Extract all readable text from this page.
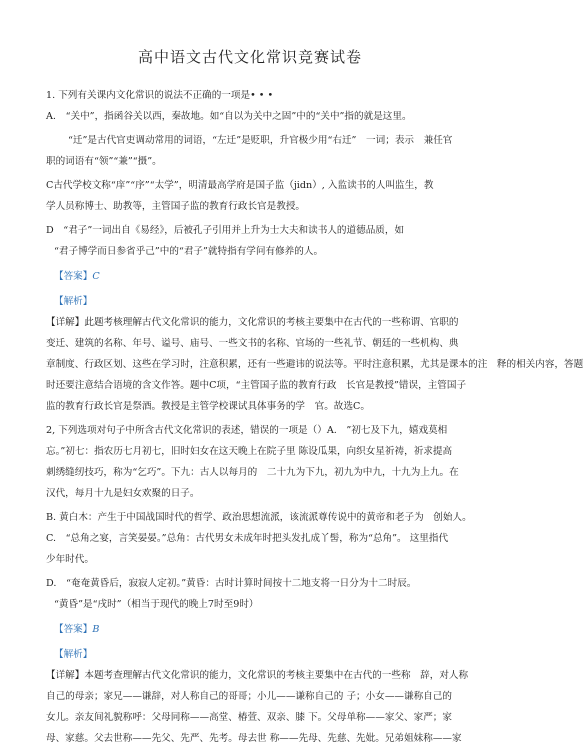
高中语文古代文化常识竞赛试卷

1. 下列有关课内文化常识的说法不正确的一项是• • •

A.　“关中”，指函谷关以西，秦故地。如“自以为关中之固”中的“关中”指的就是这里。

“迁”是古代官吏调动常用的词语，“左迁”是贬职，升官极少用“右迁”　一词；表示　兼任官

职的词语有“领”“兼”“摄”。

C古代学校文称“庠”“序”“太学”，明清最高学府是国子监（jidn）, 入监读书的人叫监生，教

学人员称博士、助教等，主管国子监的教育行政长官是教授。

D　“君子”一词出自《易经》，后被孔子引用并上升为士大夫和读书人的道德品质，如

“君子博学而日参省乎己”中的“君子”就特指有学问有修养的人。

【答案】C

【解析】

【详解】此题考核理解古代文化常识的能力，文化常识的考核主要集中在古代的一些称谓、官职的

变迁、建筑的名称、年号、谥号、庙号、一些文书的名称、官场的一些礼节、朝廷的一些机构、典

章制度、行政区划、这些在学习时，注意积累，还有一些避讳的说法等。平时注意积累，尤其是课本的注　释的相关内容，答题

时还要注意结合语境的含文作答。题中C项，“主管国子监的教育行政　长官是教授”错误，主管国子

监的教育行政长官是祭酒。教授是主管学校课试具体事务的学　官。故选C。

2, 下列选项对句子中所含古代文化常识的表述，错误的一项是（）A.　”初七及下九，嬉戏莫相

忘。”初七：指农历七月初七，旧时妇女在这天晚上在院子里 陈设瓜果，向织女星祈祷，祈求提高

刺绣缝纫技巧，称为“乞巧”。下九：古人以每月的　二十九为下九，初九为中九，十九为上九。在

汉代，每月十九是妇女欢聚的日子。

B. 黄白木：产生于中国战国时代的哲学、政治思想流派，该流派尊传说中的黄帝和老子为　创始人。

C.　“总角之宴，言笑晏晏。”总角：古代男女未成年时把头发扎成丫髻，称为“总角”。 这里指代

少年时代。

D.　“奄奄黄昏后，寂寂人定初。”黄昏：古时计算时间按十二地支将一日分为十二时辰。

“黄昏”是“戌时”（相当于现代的晚上7时至9时）

【答案】B

【解析】

【详解】本题考查理解古代文化常识的能力，文化常识的考核主要集中在古代的一些称　辞，对人称

自己的母亲；家兄——谦辞，对人称自己的哥哥；小儿——谦称自己的 子；小女——谦称自己的

女儿。亲友间礼貌称呼：父母同称——高堂、椿萱、双亲、膝 下。父母单称——家父、家严；家

母、家慈。父去世称——先父、先严、先考。母去世 称——先母、先慈、先妣。兄弟姐妹称——家
